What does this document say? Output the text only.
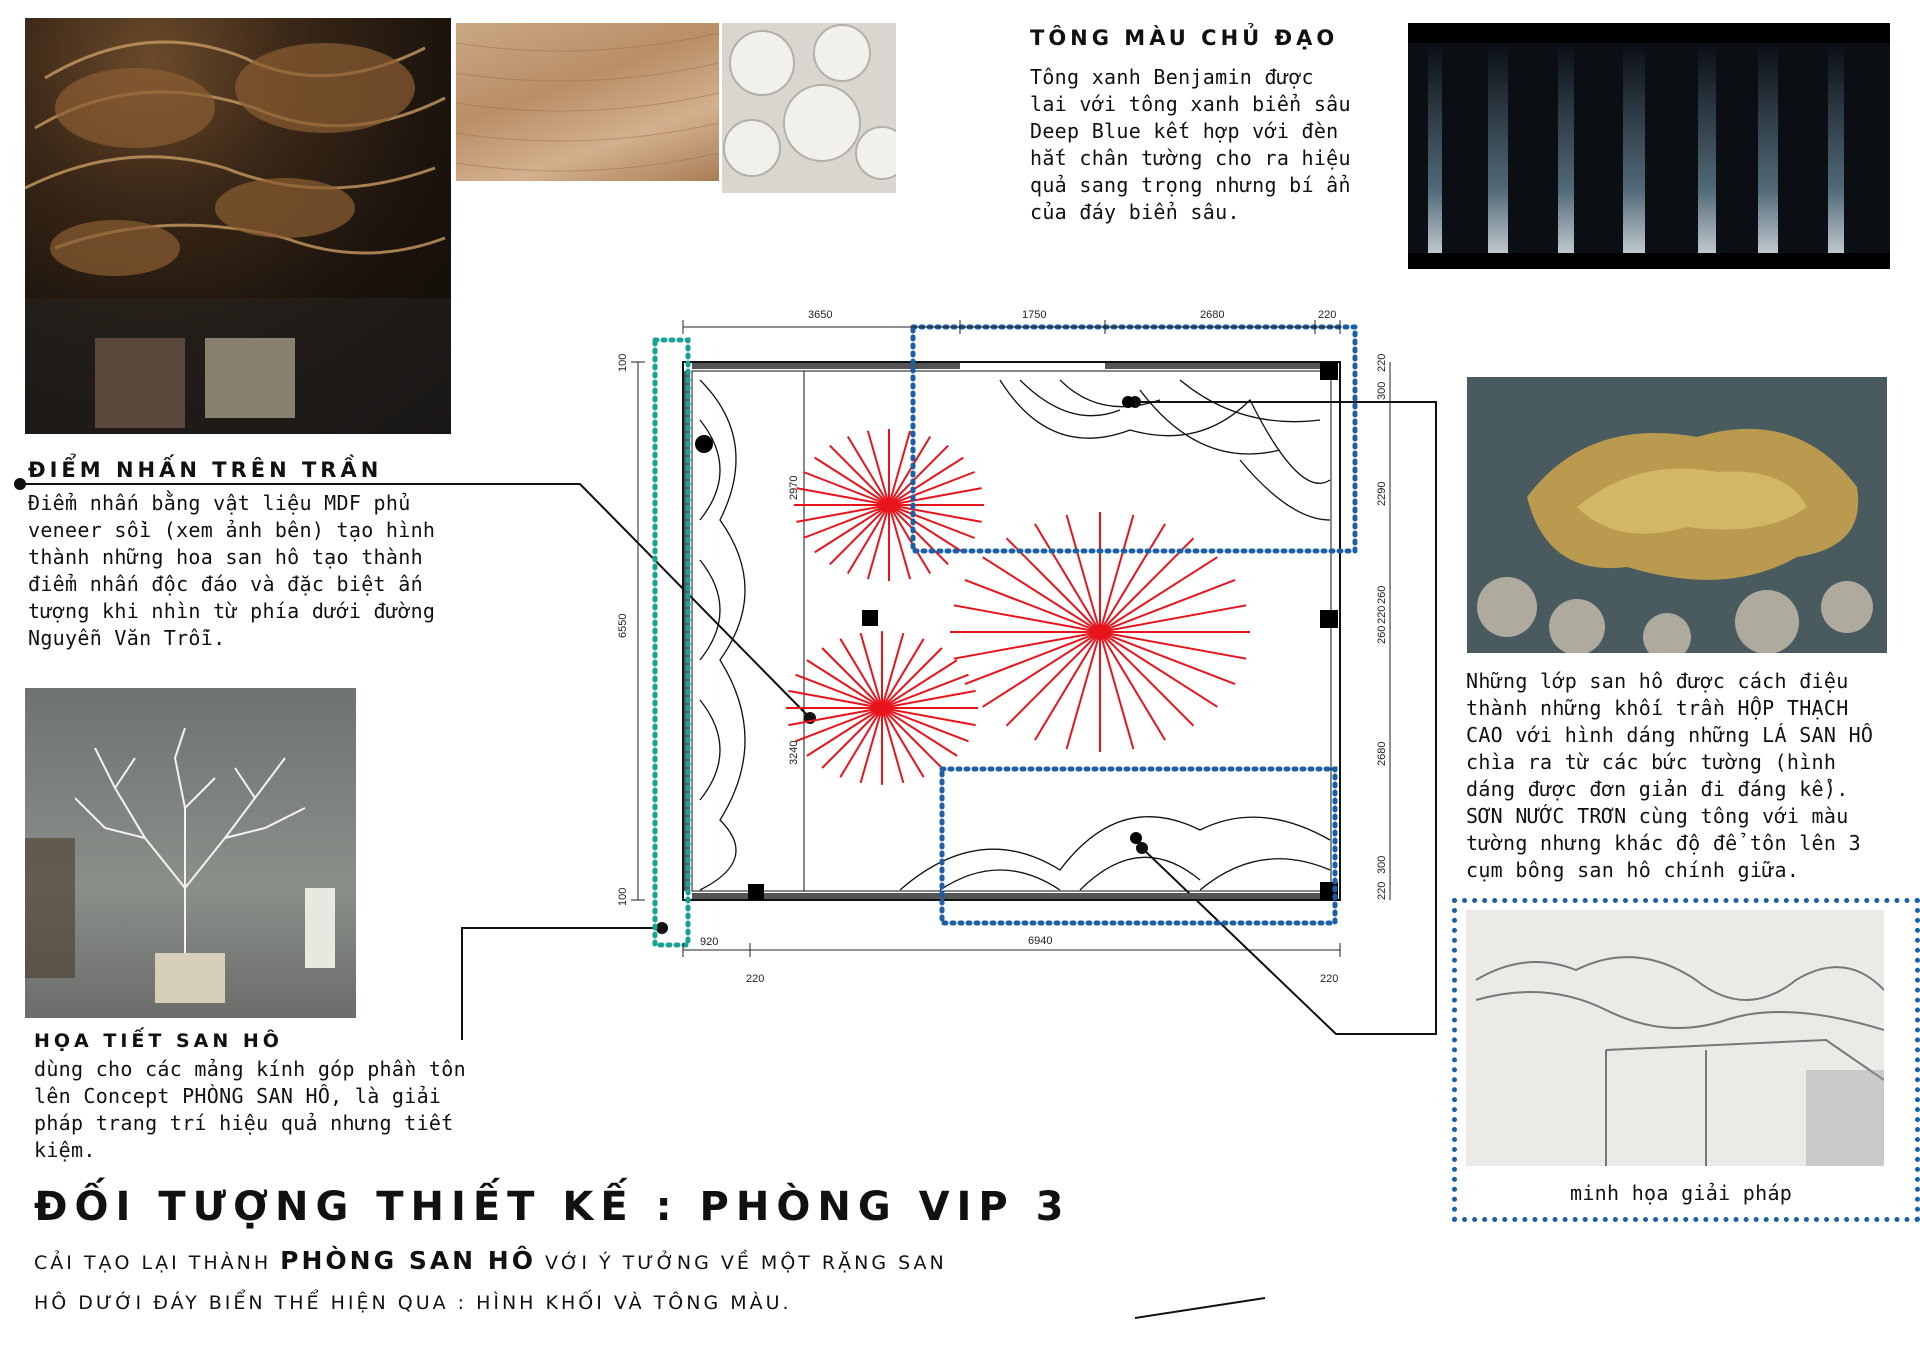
TÔNG MÀU CHỦ ĐẠO
Tông xanh Benjamin được
lai với tông xanh biển sâu
Deep Blue kết hợp với đèn
hắt chân tường cho ra hiệu
quả sang trọng nhưng bí ẩn
của đáy biển sâu.
ĐIỂM NHẤN TRÊN TRẦN
Điểm nhấn bằng vật liệu MDF phủ
veneer sồi (xem ảnh bên) tạo hình
thành những hoa san hô tạo thành
điểm nhấn độc đáo và đặc biệt ấn
tượng khi nhìn từ phía dưới đường
Nguyễn Văn Trỗi.
HỌA TIẾT SAN HÔ
dùng cho các mảng kính góp phần tôn
lên Concept PHÒNG SAN HÔ, là giải
pháp trang trí hiệu quả nhưng tiết
kiệm.
Những lớp san hô được cách điệu
thành những khối trần HỘP THẠCH
CAO với hình dáng những LÁ SAN HÔ
chìa ra từ các bức tường (hình
dáng được đơn giản đi đáng kể).
SƠN NƯỚC TRƠN cùng tông với màu
tường nhưng khác độ để tôn lên 3
cụm bông san hô chính giữa.
minh họa giải pháp
ĐỐI TƯỢNG THIẾT KẾ : PHÒNG VIP 3
CẢI TẠO LẠI THÀNH PHÒNG SAN HÔ VỚI Ý TƯỞNG VỀ MỘT RẶNG SAN
HÔ DƯỚI ĐÁY BIỂN THỂ HIỆN QUA : HÌNH KHỐI VÀ TÔNG MÀU.
3650	1750	2680	220
920	6940
220	220
6550
100
100
2970
3240
220
300
2290
260
220
260
2680
300
220
